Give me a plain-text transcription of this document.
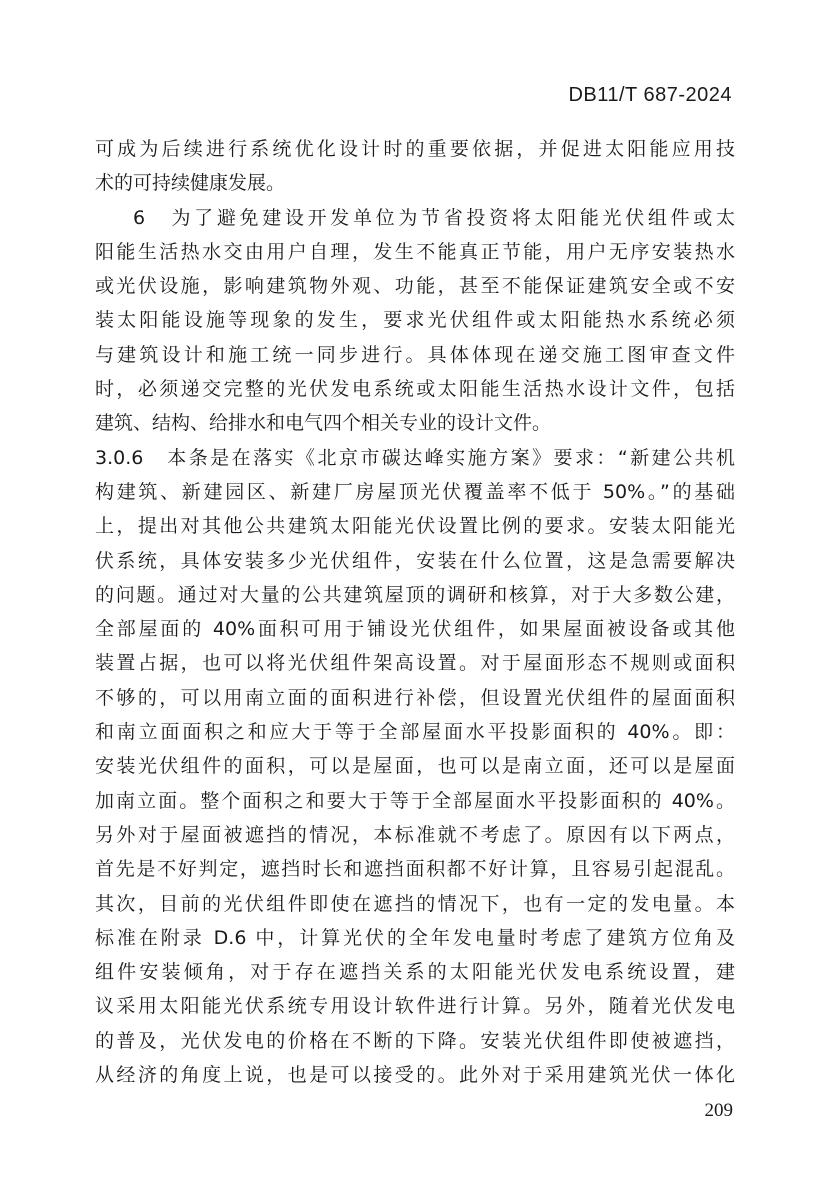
DB11/T 687-2024
可成为后续进行系统优化设计时的重要依据，并促进太阳能应用技
术的可持续健康发展。
6　为了避免建设开发单位为节省投资将太阳能光伏组件或太
阳能生活热水交由用户自理，发生不能真正节能，用户无序安装热水
或光伏设施，影响建筑物外观、功能，甚至不能保证建筑安全或不安
装太阳能设施等现象的发生，要求光伏组件或太阳能热水系统必须
与建筑设计和施工统一同步进行。具体体现在递交施工图审查文件
时，必须递交完整的光伏发电系统或太阳能生活热水设计文件，包括
建筑、结构、给排水和电气四个相关专业的设计文件。
3.0.6　本条是在落实《北京市碳达峰实施方案》要求：“新建公共机
构建筑、新建园区、新建厂房屋顶光伏覆盖率不低于 50%。”的基础
上，提出对其他公共建筑太阳能光伏设置比例的要求。安装太阳能光
伏系统，具体安装多少光伏组件，安装在什么位置，这是急需要解决
的问题。通过对大量的公共建筑屋顶的调研和核算，对于大多数公建，
全部屋面的 40%面积可用于铺设光伏组件，如果屋面被设备或其他
装置占据，也可以将光伏组件架高设置。对于屋面形态不规则或面积
不够的，可以用南立面的面积进行补偿，但设置光伏组件的屋面面积
和南立面面积之和应大于等于全部屋面水平投影面积的 40%。即：
安装光伏组件的面积，可以是屋面，也可以是南立面，还可以是屋面
加南立面。整个面积之和要大于等于全部屋面水平投影面积的 40%。
另外对于屋面被遮挡的情况，本标准就不考虑了。原因有以下两点，
首先是不好判定，遮挡时长和遮挡面积都不好计算，且容易引起混乱。
其次，目前的光伏组件即使在遮挡的情况下，也有一定的发电量。本
标准在附录 D.6 中，计算光伏的全年发电量时考虑了建筑方位角及
组件安装倾角，对于存在遮挡关系的太阳能光伏发电系统设置，建
议采用太阳能光伏系统专用设计软件进行计算。另外，随着光伏发电
的普及，光伏发电的价格在不断的下降。安装光伏组件即使被遮挡，
从经济的角度上说，也是可以接受的。此外对于采用建筑光伏一体化
209
